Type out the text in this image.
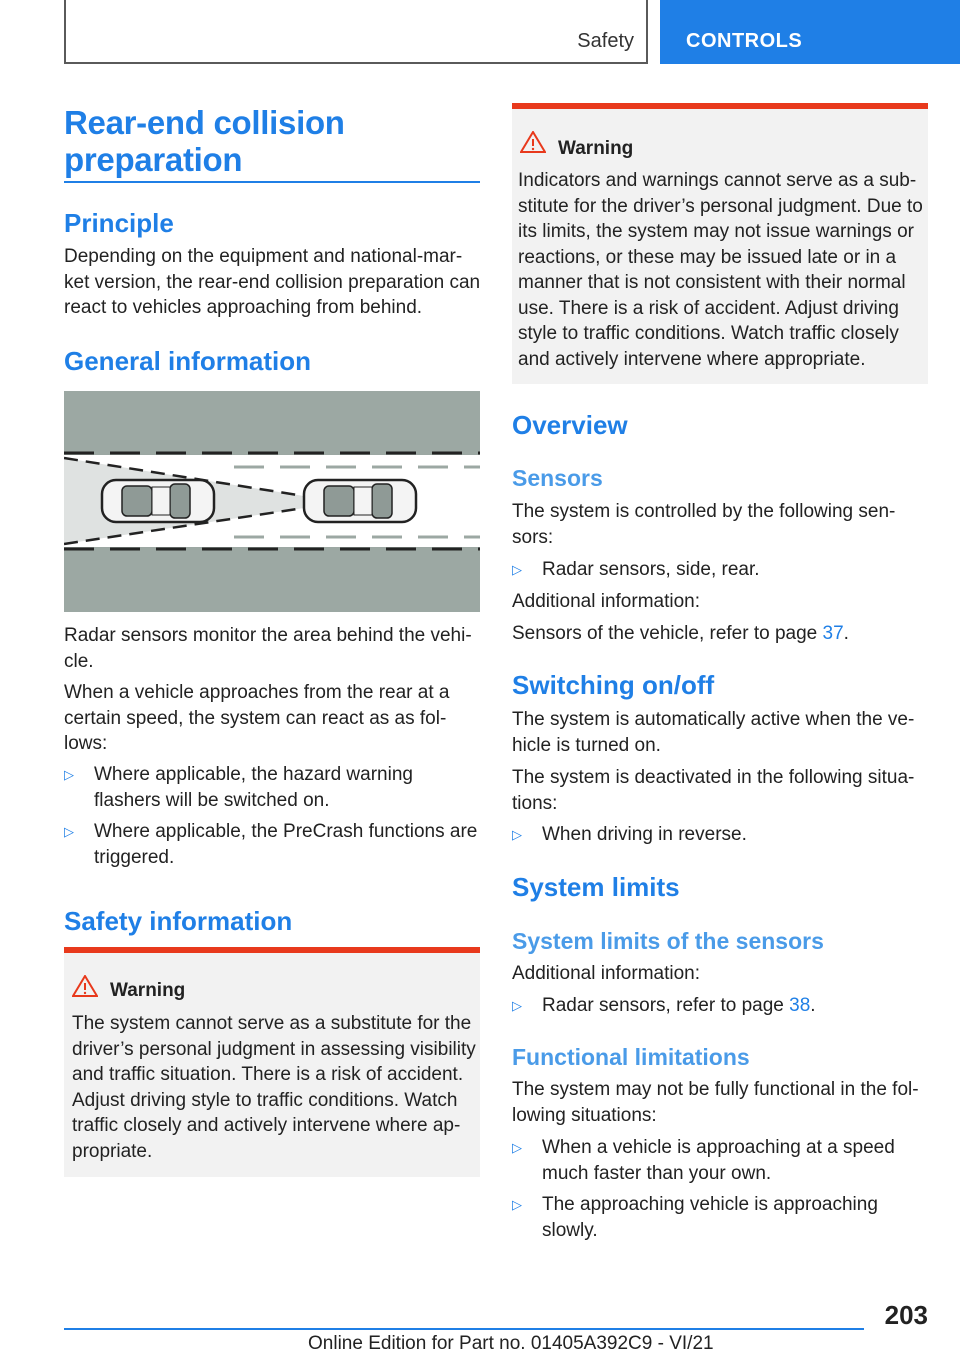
Safety	CONTROLS
Rear-end collision
preparation
Principle
Depending on the equipment and national-mar-ket version, the rear-end collision preparation can react to vehicles approaching from behind.
General information
Radar sensors monitor the area behind the vehi-cle.
When a vehicle approaches from the rear at a certain speed, the system can react as as fol-lows:
▷ Where applicable, the hazard warning flashers will be switched on.
▷ Where applicable, the PreCrash functions are triggered.
Safety information
Warning
The system cannot serve as a substitute for the driver’s personal judgment in assessing visibility and traffic situation. There is a risk of accident. Adjust driving style to traffic conditions. Watch traffic closely and actively intervene where ap-propriate.
Warning
Indicators and warnings cannot serve as a sub-stitute for the driver’s personal judgment. Due to its limits, the system may not issue warnings or reactions, or these may be issued late or in a manner that is not consistent with their normal use. There is a risk of accident. Adjust driving style to traffic conditions. Watch traffic closely and actively intervene where appropriate.
Overview
Sensors
The system is controlled by the following sen-sors:
▷ Radar sensors, side, rear.
Additional information:
Sensors of the vehicle, refer to page 37.
Switching on/off
The system is automatically active when the ve-hicle is turned on.
The system is deactivated in the following situa-tions:
▷ When driving in reverse.
System limits
System limits of the sensors
Additional information:
▷ Radar sensors, refer to page 38.
Functional limitations
The system may not be fully functional in the fol-lowing situations:
▷ When a vehicle is approaching at a speed much faster than your own.
▷ The approaching vehicle is approaching slowly.
203
Online Edition for Part no. 01405A392C9 - VI/21
